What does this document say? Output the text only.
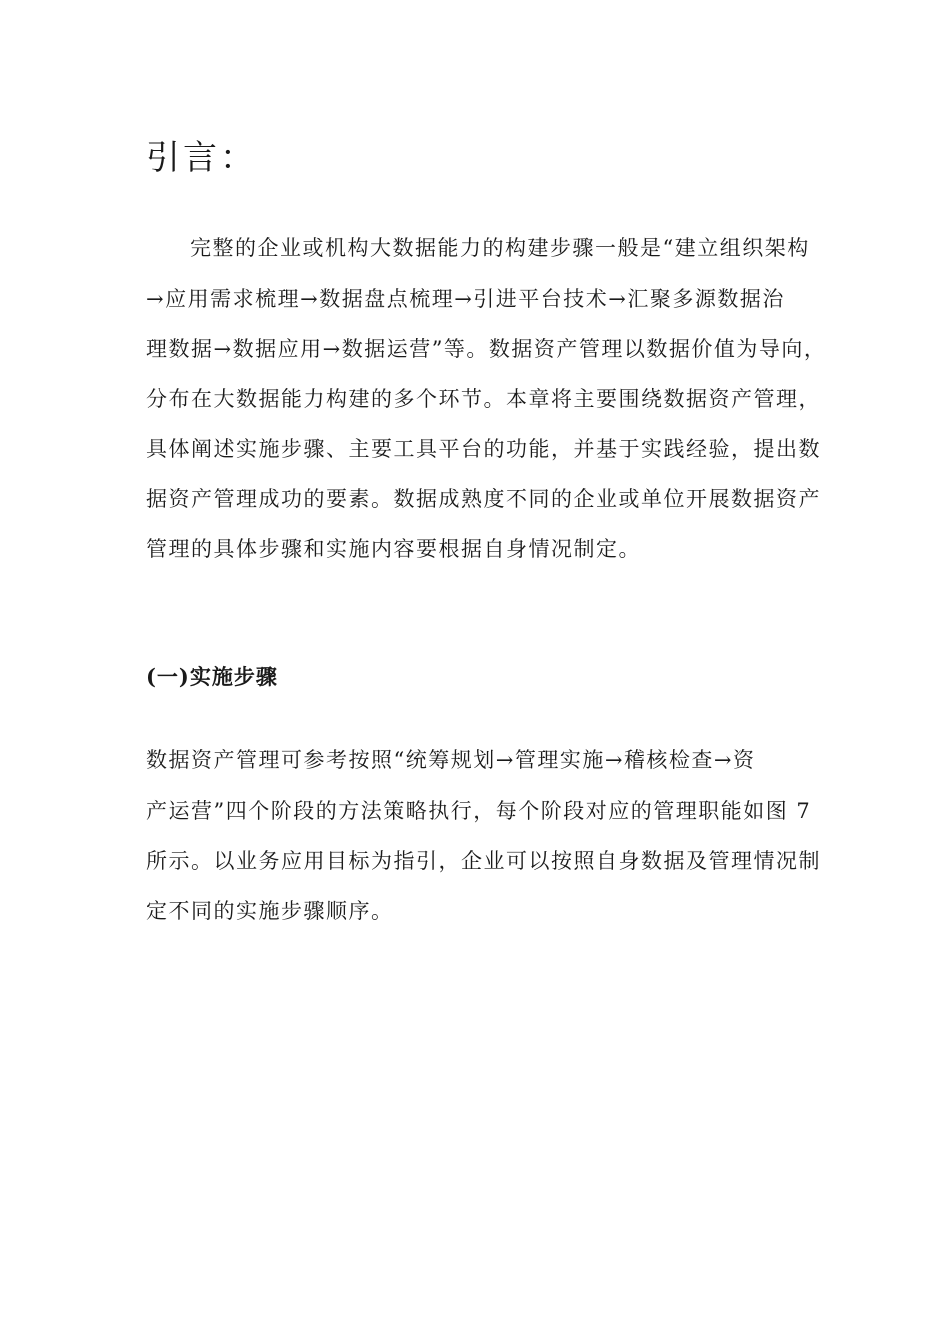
引言：
完整的企业或机构大数据能力的构建步骤一般是“建立组织架构
→应用需求梳理→数据盘点梳理→引进平台技术→汇聚多源数据治
理数据→数据应用→数据运营”等。数据资产管理以数据价值为导向，
分布在大数据能力构建的多个环节。本章将主要围绕数据资产管理，
具体阐述实施步骤、主要工具平台的功能，并基于实践经验，提出数
据资产管理成功的要素。数据成熟度不同的企业或单位开展数据资产
管理的具体步骤和实施内容要根据自身情况制定。
(一)实施步骤
数据资产管理可参考按照“统筹规划→管理实施→稽核检查→资
产运营”四个阶段的方法策略执行，每个阶段对应的管理职能如图 7
所示。以业务应用目标为指引，企业可以按照自身数据及管理情况制
定不同的实施步骤顺序。
